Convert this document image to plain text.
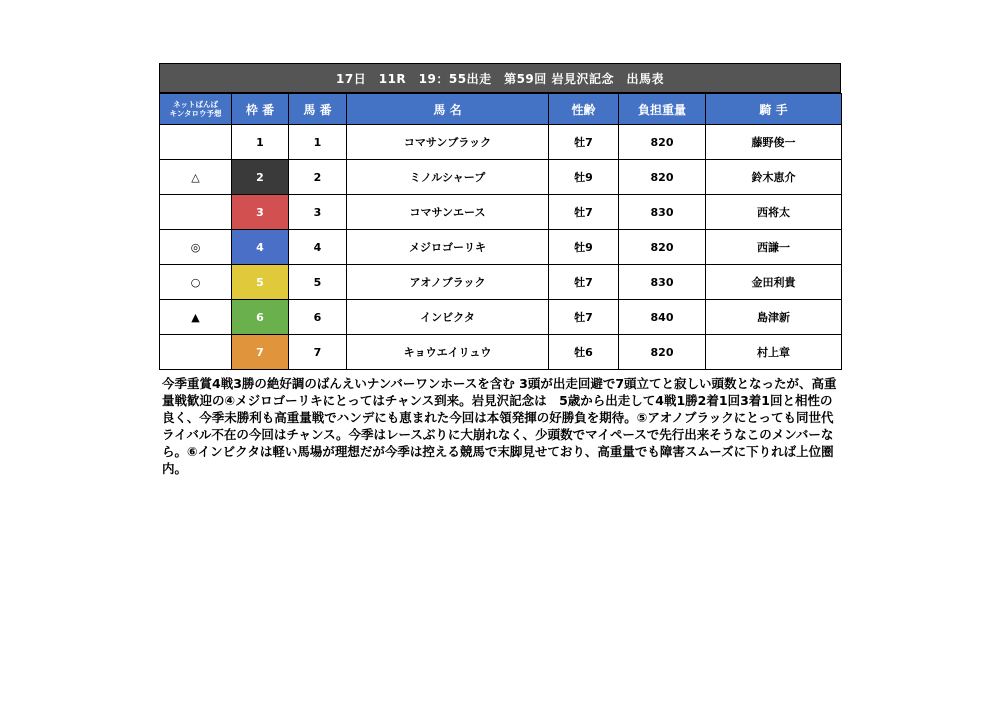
17日　11R　19：55出走　第59回 岩見沢記念　出馬表
ネットばんば
キンタロウ予想	枠 番	馬 番	馬 名	性齢	負担重量	騎 手
	1	1	コマサンブラック	牡7	820	藤野俊一
△	2	2	ミノルシャープ	牡9	820	鈴木恵介
	3	3	コマサンエース	牡7	830	西将太
◎	4	4	メジロゴーリキ	牡9	820	西謙一
○	5	5	アオノブラック	牡7	830	金田利貴
▲	6	6	インビクタ	牡7	840	島津新
	7	7	キョウエイリュウ	牡6	820	村上章
今季重賞4戦3勝の絶好調のばんえいナンバーワンホースを含む 3頭が出走回避で7頭立てと寂しい頭数となったが、高重量戦歓迎の④メジロゴーリキにとってはチャンス到来。岩見沢記念は　5歳から出走して4戦1勝2着1回3着1回と相性の良く、今季未勝利も高重量戦でハンデにも恵まれた今回は本領発揮の好勝負を期待。⑤アオノブラックにとっても同世代ライバル不在の今回はチャンス。今季はレースぶりに大崩れなく、少頭数でマイペースで先行出来そうなこのメンバーなら。⑥インビクタは軽い馬場が理想だが今季は控える競馬で末脚見せており、高重量でも障害スムーズに下りれば上位圏内。
